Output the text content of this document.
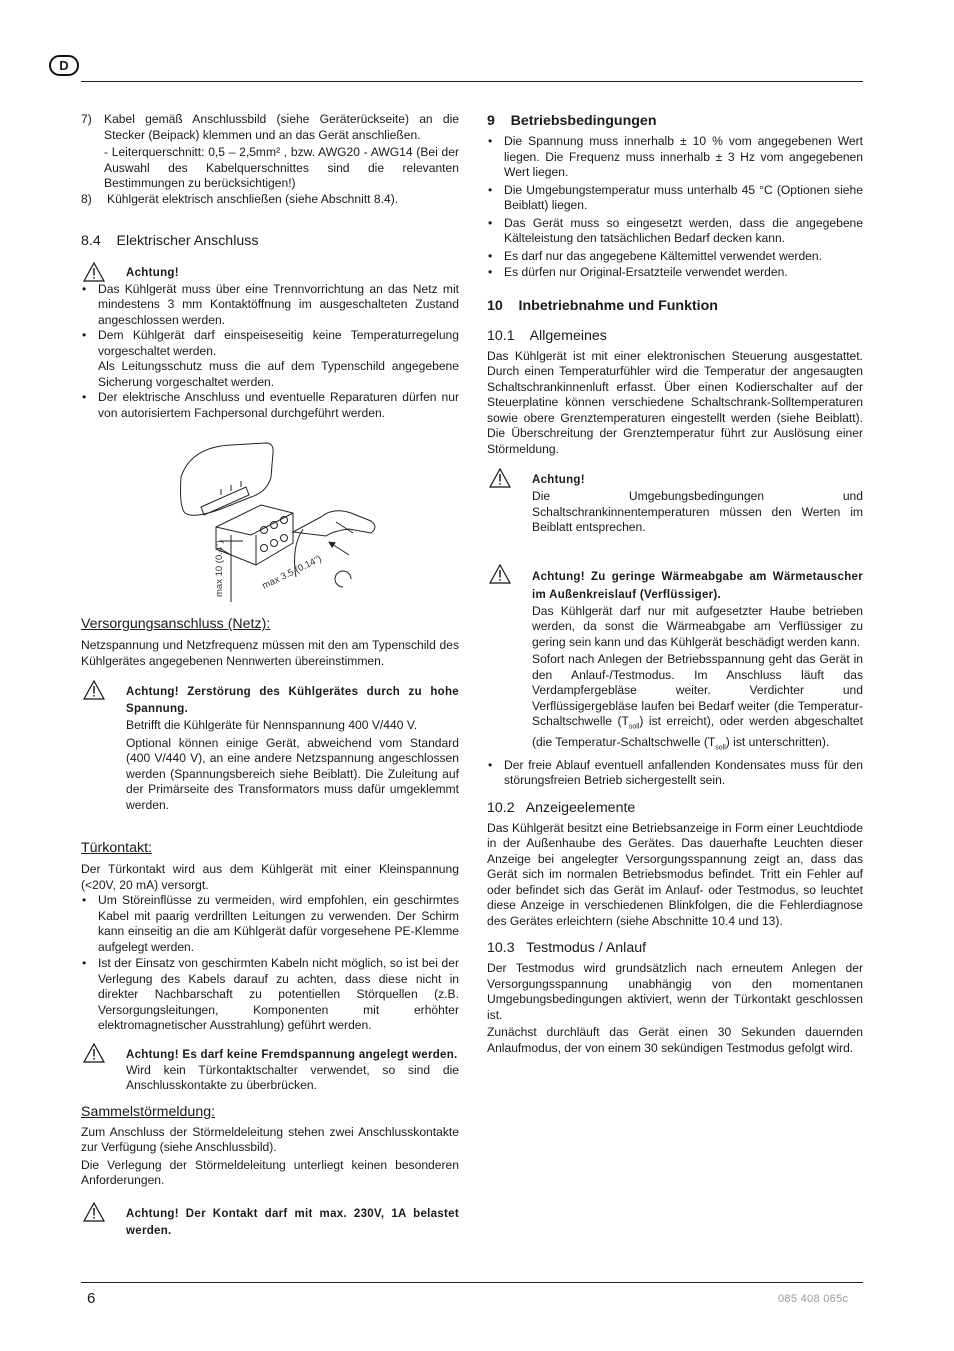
D
7) Kabel gemäß Anschlussbild (siehe Geräterückseite) an die Stecker (Beipack) klemmen und an das Gerät anschließen.

- Leiterquerschnitt: 0,5 – 2,5mm² , bzw. AWG20 - AWG14 (Bei der Auswahl des Kabelquerschnittes sind die relevanten Bestimmungen zu berücksichtigen!)

8) Kühlgerät elektrisch anschließen (siehe Abschnitt 8.4).

8.4    Elektrischer Anschluss

Achtung!

• Das Kühlgerät muss über eine Trennvorrichtung an das Netz mit mindestens 3 mm Kontaktöffnung im ausgeschalteten Zustand angeschlossen werden.
• Dem Kühlgerät darf einspeiseseitig keine Temperaturregelung vorgeschaltet werden.

Als Leitungsschutz muss die auf dem Typenschild angegebene Sicherung vorgeschaltet werden.

• Der elektrische Anschluss und eventuelle Reparaturen dürfen nur von autorisiertem Fachpersonal durchgeführt werden.
max 3.5 (0.14")
max 10 (0.4")

Versorgungsanschluss (Netz):

Netzspannung und Netzfrequenz müssen mit den am Typenschild des Kühlgerätes angegebenen Nennwerten übereinstimmen.

Achtung! Zerstörung des Kühlgerätes durch zu hohe Spannung.

Betrifft die Kühlgeräte für Nennspannung 400 V/440 V.

Optional können einige Gerät, abweichend vom Standard (400 V/440 V), an eine andere Netzspannung angeschlossen werden (Spannungsbereich siehe Beiblatt). Die Zuleitung auf der Primärseite des Transformators muss dafür umgeklemmt werden.

Türkontakt:

Der Türkontakt wird aus dem Kühlgerät mit einer Kleinspannung (<20V, 20 mA) versorgt.

• Um Störeinflüsse zu vermeiden, wird empfohlen, ein geschirmtes Kabel mit paarig verdrillten Leitungen zu verwenden. Der Schirm kann einseitig an die am Kühlgerät dafür vorgesehene PE-Klemme aufgelegt werden.
• Ist der Einsatz von geschirmten Kabeln nicht möglich, so ist bei der Verlegung des Kabels darauf zu achten, dass diese nicht in direkter Nachbarschaft zu potentiellen Störquellen (z.B. Versorgungsleitungen, Komponenten mit erhöhter elektromagnetischer Ausstrahlung) geführt werden.

Achtung! Es darf keine Fremdspannung angelegt werden.

Wird kein Türkontaktschalter verwendet, so sind die Anschlusskontakte zu überbrücken.

Sammelstörmeldung:

Zum Anschluss der Störmeldeleitung stehen zwei Anschlusskontakte zur Verfügung (siehe Anschlussbild).

Die Verlegung der Störmeldeleitung unterliegt keinen besonderen Anforderungen.

Achtung! Der Kontakt darf mit max. 230V, 1A belastet werden.

9    Betriebsbedingungen

• Die Spannung muss innerhalb ± 10 % vom angegebenen Wert liegen. Die Frequenz muss innerhalb ± 3 Hz vom angegebenen Wert liegen.
• Die Umgebungstemperatur muss unterhalb 45 °C (Optionen siehe Beiblatt) liegen.
• Das Gerät muss so eingesetzt werden, dass die angegebene Kälteleistung den tatsächlichen Bedarf decken kann.
• Es darf nur das angegebene Kältemittel verwendet werden.
• Es dürfen nur Original-Ersatzteile verwendet werden.

10    Inbetriebnahme und Funktion

10.1    Allgemeines

Das Kühlgerät ist mit einer elektronischen Steuerung ausgestattet. Durch einen Temperaturfühler wird die Temperatur der angesaugten Schaltschrankinnenluft erfasst. Über einen Kodierschalter auf der Steuerplatine können verschiedene Schaltschrank-Solltemperaturen sowie obere Grenztemperaturen eingestellt werden (siehe Beiblatt). Die Überschreitung der Grenztemperatur führt zur Auslösung einer Störmeldung.

Achtung!

Die Umgebungsbedingungen und Schaltschrankinnentemperaturen müssen den Werten im Beiblatt entsprechen.

Achtung! Zu geringe Wärmeabgabe am Wärmetauscher im Außenkreislauf (Verflüssiger).

Das Kühlgerät darf nur mit aufgesetzter Haube betrieben werden, da sonst die Wärmeabgabe am Verflüssiger zu gering sein kann und das Kühlgerät beschädigt werden kann.

Sofort nach Anlegen der Betriebsspannung geht das Gerät in den Anlauf-/Testmodus. Im Anschluss läuft das Verdampfergebläse weiter. Verdichter und Verflüssigergebläse laufen bei Bedarf weiter (die Temperatur-Schaltschwelle $(T_{soll})$ ist erreicht), oder werden abgeschaltet (die Temperatur-Schaltschwelle $(T_{soll})$ ist unterschritten).

• Der freie Ablauf eventuell anfallenden Kondensates muss für den störungsfreien Betrieb sichergestellt sein.

10.2   Anzeigeelemente

Das Kühlgerät besitzt eine Betriebsanzeige in Form einer Leuchtdiode in der Außenhaube des Gerätes. Das dauerhafte Leuchten dieser Anzeige bei angelegter Versorgungsspannung zeigt an, dass das Gerät sich im normalen Betriebsmodus befindet. Tritt ein Fehler auf oder befindet sich das Gerät im Anlauf- oder Testmodus, so leuchtet diese Anzeige in verschiedenen Blinkfolgen, die die Fehlerdiagnose des Gerätes erleichtern (siehe Abschnitte 10.4 und 13).

10.3   Testmodus / Anlauf

Der Testmodus wird grundsätzlich nach erneutem Anlegen der Versorgungsspannung unabhängig von den momentanen Umgebungsbedingungen aktiviert, wenn der Türkontakt geschlossen ist.

Zunächst durchläuft das Gerät einen 30 Sekunden dauernden Anlaufmodus, der von einem 30 sekündigen Testmodus gefolgt wird.

6	085 408 065c
